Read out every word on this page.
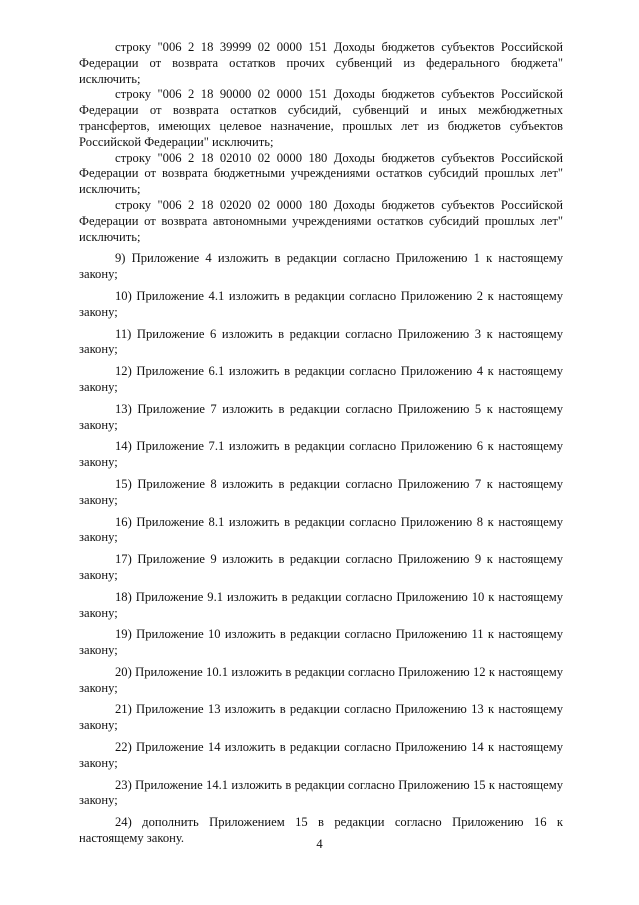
строку "006 2 18 39999 02 0000 151 Доходы бюджетов субъектов Российской Федерации от возврата остатков прочих субвенций из федерального бюджета" исключить;

строку "006 2 18 90000 02 0000 151 Доходы бюджетов субъектов Российской Федерации от возврата остатков субсидий, субвенций и иных межбюджетных трансфертов, имеющих целевое назначение, прошлых лет из бюджетов субъектов Российской Федерации" исключить;

строку "006 2 18 02010 02 0000 180 Доходы бюджетов субъектов Российской Федерации от возврата бюджетными учреждениями остатков субсидий прошлых лет" исключить;

строку "006 2 18 02020 02 0000 180 Доходы бюджетов субъектов Российской Федерации от возврата автономными учреждениями остатков субсидий прошлых лет" исключить;

9) Приложение 4 изложить в редакции согласно Приложению 1 к настоящему закону;

10) Приложение 4.1 изложить в редакции согласно Приложению 2 к настоящему закону;

11) Приложение 6 изложить в редакции согласно Приложению 3 к настоящему закону;

12) Приложение 6.1 изложить в редакции согласно Приложению 4 к настоящему закону;

13) Приложение 7 изложить в редакции согласно Приложению 5 к настоящему закону;

14) Приложение 7.1 изложить в редакции согласно Приложению 6 к настоящему закону;

15) Приложение 8 изложить в редакции согласно Приложению 7 к настоящему закону;

16) Приложение 8.1 изложить в редакции согласно Приложению 8 к настоящему закону;

17) Приложение 9 изложить в редакции согласно Приложению 9 к настоящему закону;

18) Приложение 9.1 изложить в редакции согласно Приложению 10 к настоящему закону;

19) Приложение 10 изложить в редакции согласно Приложению 11 к настоящему закону;

20) Приложение 10.1 изложить в редакции согласно Приложению 12 к настоящему закону;

21) Приложение 13 изложить в редакции согласно Приложению 13 к настоящему закону;

22) Приложение 14 изложить в редакции согласно Приложению 14 к настоящему закону;

23) Приложение 14.1 изложить в редакции согласно Приложению 15 к настоящему закону;

24) дополнить Приложением 15 в редакции согласно Приложению 16 к настоящему закону.	4
